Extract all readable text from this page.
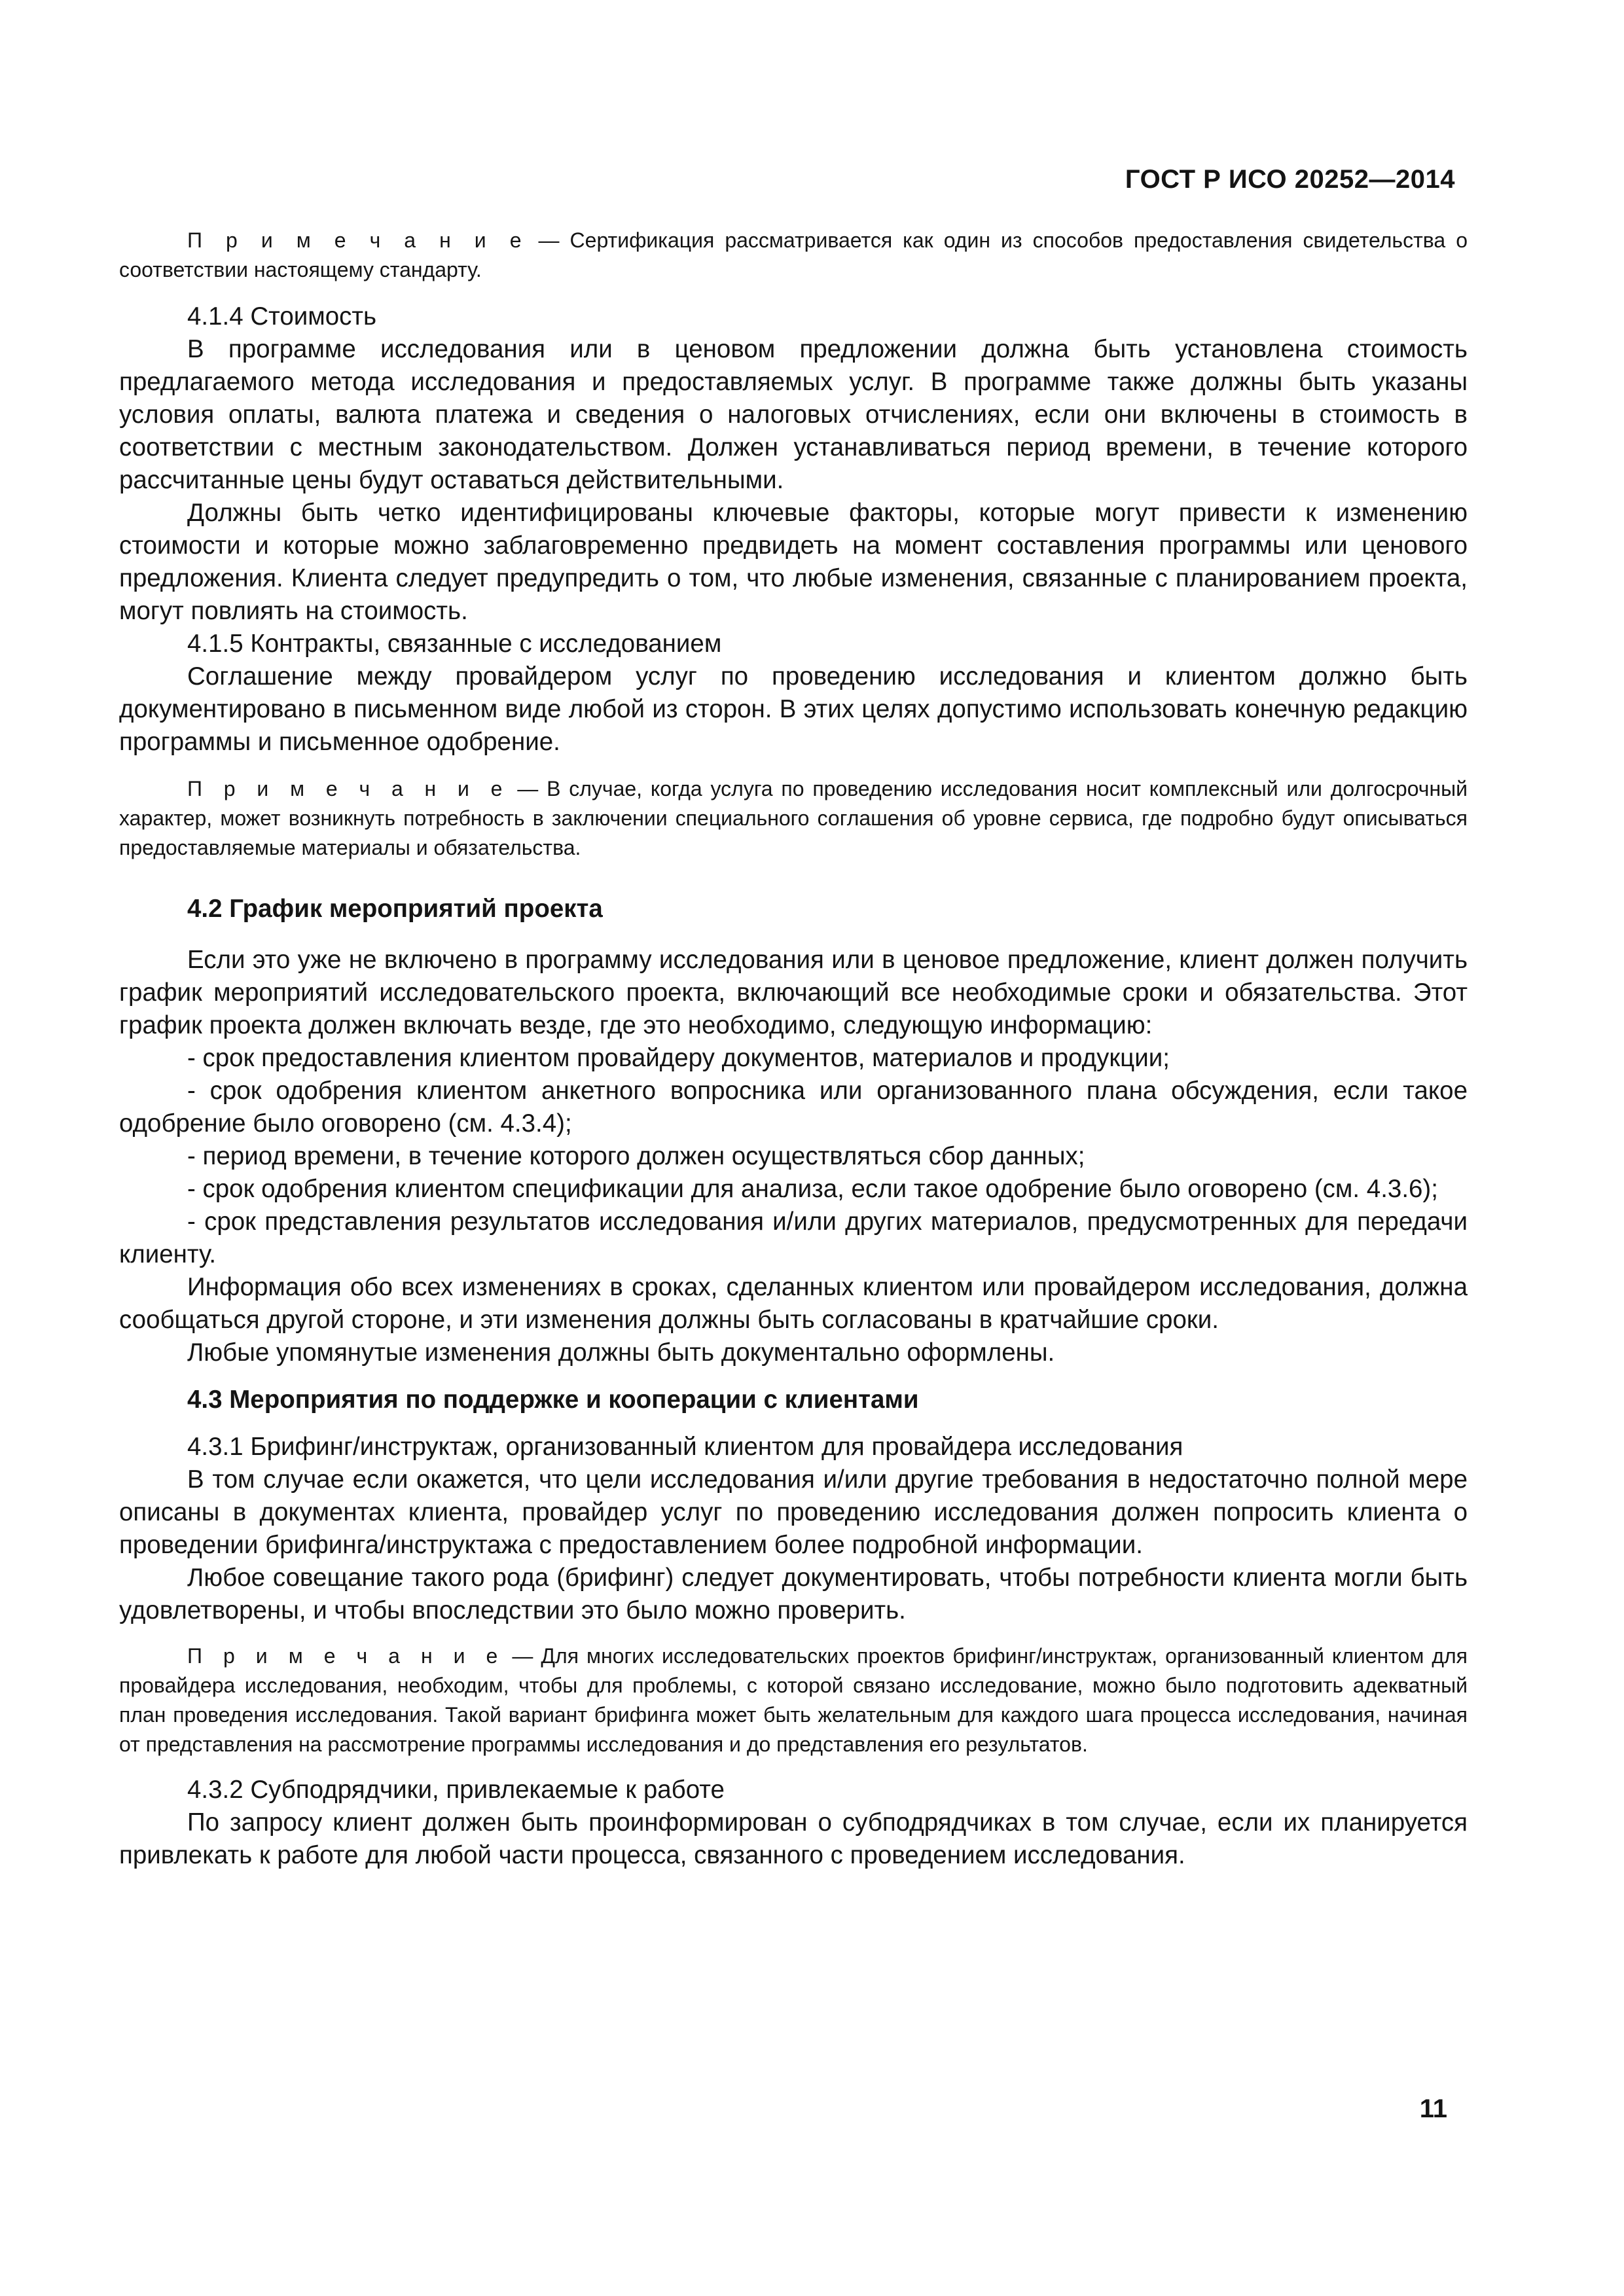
ГОСТ Р ИСО 20252—2014

П р и м е ч а н и е — Сертификация рассматривается как один из способов предоставления свидетельства о соответствии настоящему стандарту.

4.1.4 Стоимость

В программе исследования или в ценовом предложении должна быть установлена стоимость предлагаемого метода исследования и предоставляемых услуг. В программе также должны быть указаны условия оплаты, валюта платежа и сведения о налоговых отчислениях, если они включены в стоимость в соответствии с местным законодательством. Должен устанавливаться период времени, в течение которого рассчитанные цены будут оставаться действительными.

Должны быть четко идентифицированы ключевые факторы, которые могут привести к изменению стоимости и которые можно заблаговременно предвидеть на момент составления программы или ценового предложения. Клиента следует предупредить о том, что любые изменения, связанные с планированием проекта, могут повлиять на стоимость.

4.1.5 Контракты, связанные с исследованием

Соглашение между провайдером услуг по проведению исследования и клиентом должно быть документировано в письменном виде любой из сторон. В этих целях допустимо использовать конечную редакцию программы и письменное одобрение.

П р и м е ч а н и е — В случае, когда услуга по проведению исследования носит комплексный или долгосрочный характер, может возникнуть потребность в заключении специального соглашения об уровне сервиса, где подробно будут описываться предоставляемые материалы и обязательства.

4.2 График мероприятий проекта

Если это уже не включено в программу исследования или в ценовое предложение, клиент должен получить график мероприятий исследовательского проекта, включающий все необходимые сроки и обязательства. Этот график проекта должен включать везде, где это необходимо, следующую информацию:

- срок предоставления клиентом провайдеру документов, материалов и продукции;

- срок одобрения клиентом анкетного вопросника или организованного плана обсуждения, если такое одобрение было оговорено (см. 4.3.4);

- период времени, в течение которого должен осуществляться сбор данных;

- срок одобрения клиентом спецификации для анализа, если такое одобрение было оговорено (см. 4.3.6);

- срок представления результатов исследования и/или других материалов, предусмотренных для передачи клиенту.

Информация обо всех изменениях в сроках, сделанных клиентом или провайдером исследования, должна сообщаться другой стороне, и эти изменения должны быть согласованы в кратчайшие сроки.

Любые упомянутые изменения должны быть документально оформлены.

4.3 Мероприятия по поддержке и кооперации с клиентами

4.3.1 Брифинг/инструктаж, организованный клиентом для провайдера исследования

В том случае если окажется, что цели исследования и/или другие требования в недостаточно полной мере описаны в документах клиента, провайдер услуг по проведению исследования должен попросить клиента о проведении брифинга/инструктажа с предоставлением более подробной информации.

Любое совещание такого рода (брифинг) следует документировать, чтобы потребности клиента могли быть удовлетворены, и чтобы впоследствии это было можно проверить.

П р и м е ч а н и е — Для многих исследовательских проектов брифинг/инструктаж, организованный клиентом для провайдера исследования, необходим, чтобы для проблемы, с которой связано исследование, можно было подготовить адекватный план проведения исследования. Такой вариант брифинга может быть желательным для каждого шага процесса исследования, начиная от представления на рассмотрение программы исследования и до представления его результатов.

4.3.2 Субподрядчики, привлекаемые к работе

По запросу клиент должен быть проинформирован о субподрядчиках в том случае, если их планируется привлекать к работе для любой части процесса, связанного с проведением исследования.

11
